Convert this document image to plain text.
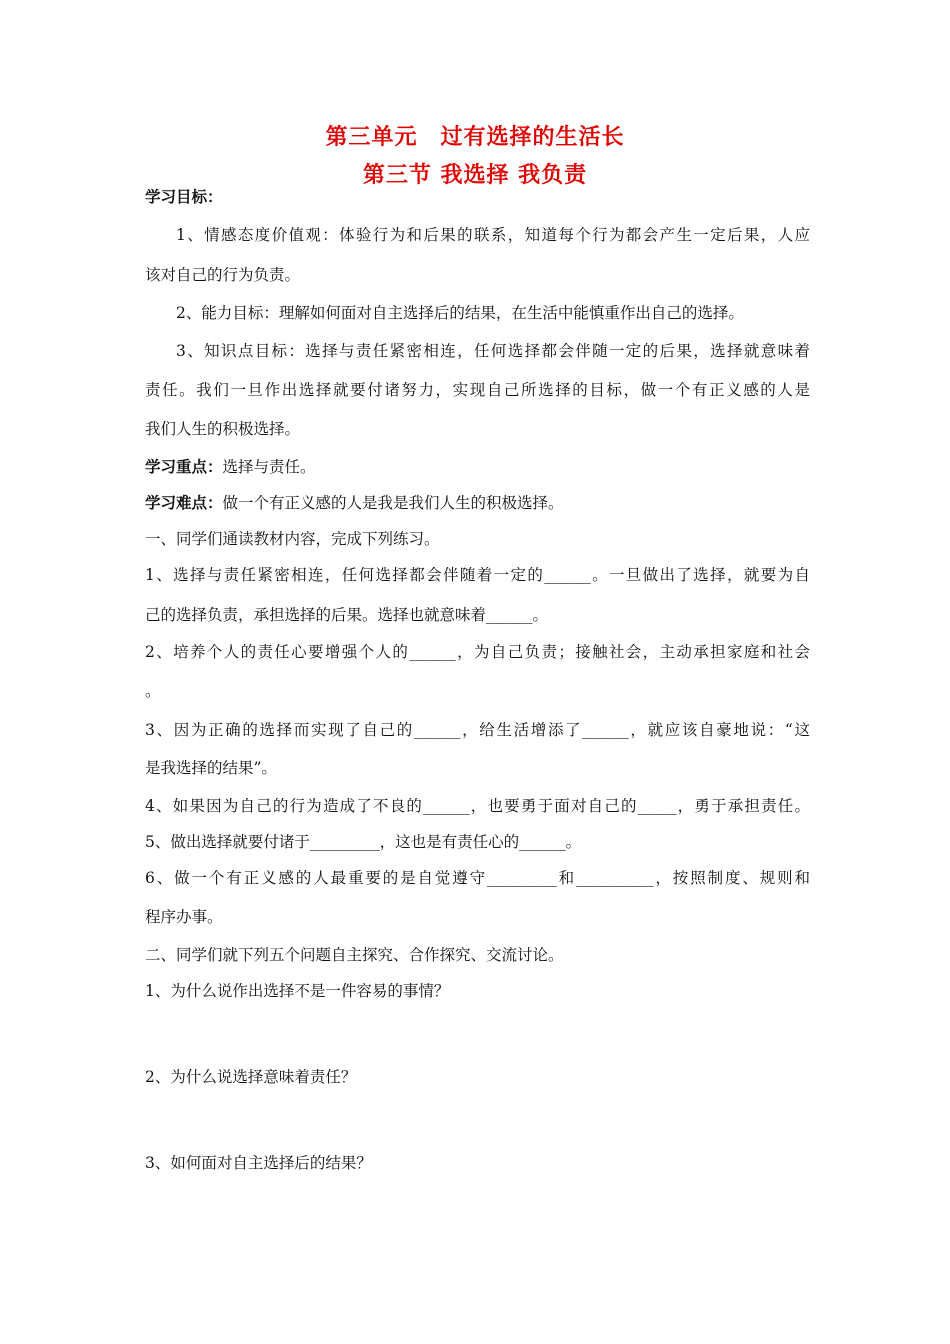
第三单元　过有选择的生活长
第三节 我选择 我负责
学习目标：
1、情感态度价值观：体验行为和后果的联系，知道每个行为都会产生一定后果，人应
该对自己的行为负责。
2、能力目标：理解如何面对自主选择后的结果，在生活中能慎重作出自己的选择。
3、知识点目标：选择与责任紧密相连，任何选择都会伴随一定的后果，选择就意味着
责任。我们一旦作出选择就要付诸努力，实现自己所选择的目标，做一个有正义感的人是
我们人生的积极选择。
学习重点：选择与责任。
学习难点：做一个有正义感的人是我是我们人生的积极选择。
一、同学们通读教材内容，完成下列练习。
1、选择与责任紧密相连，任何选择都会伴随着一定的______。一旦做出了选择，就要为自
己的选择负责，承担选择的后果。选择也就意味着______。
2、培养个人的责任心要增强个人的______，为自己负责；接触社会，主动承担家庭和社会
。
3、因为正确的选择而实现了自己的______，给生活增添了______，就应该自豪地说：“这
是我选择的结果”。
4、如果因为自己的行为造成了不良的______，也要勇于面对自己的_____，勇于承担责任。
5、做出选择就要付诸于_________，这也是有责任心的______。
6、做一个有正义感的人最重要的是自觉遵守_________和__________，按照制度、规则和
程序办事。
二、同学们就下列五个问题自主探究、合作探究、交流讨论。
1、为什么说作出选择不是一件容易的事情？
2、为什么说选择意味着责任？
3、如何面对自主选择后的结果？
